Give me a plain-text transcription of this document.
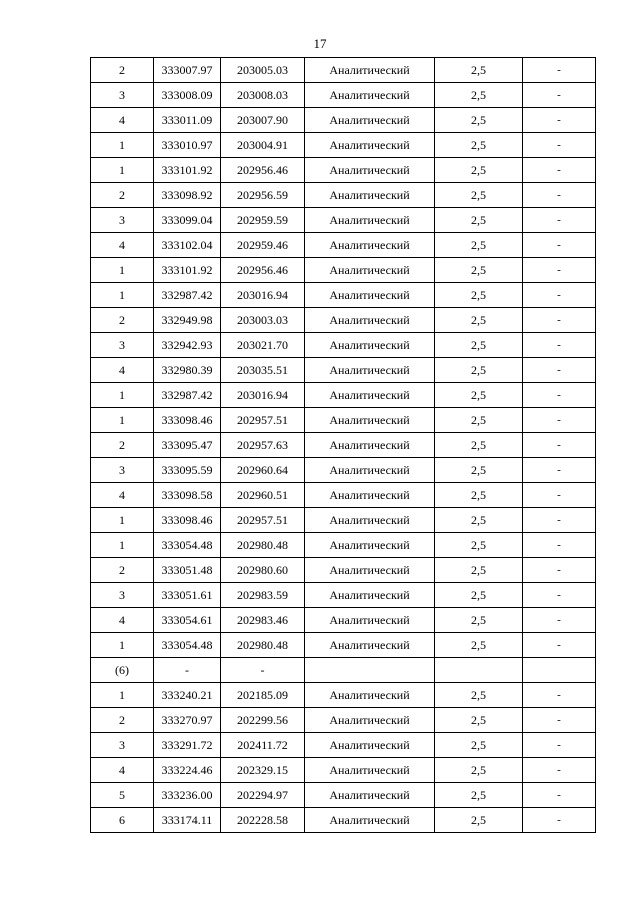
17
2	333007.97	203005.03	Аналитический	2,5	-
3	333008.09	203008.03	Аналитический	2,5	-
4	333011.09	203007.90	Аналитический	2,5	-
1	333010.97	203004.91	Аналитический	2,5	-
1	333101.92	202956.46	Аналитический	2,5	-
2	333098.92	202956.59	Аналитический	2,5	-
3	333099.04	202959.59	Аналитический	2,5	-
4	333102.04	202959.46	Аналитический	2,5	-
1	333101.92	202956.46	Аналитический	2,5	-
1	332987.42	203016.94	Аналитический	2,5	-
2	332949.98	203003.03	Аналитический	2,5	-
3	332942.93	203021.70	Аналитический	2,5	-
4	332980.39	203035.51	Аналитический	2,5	-
1	332987.42	203016.94	Аналитический	2,5	-
1	333098.46	202957.51	Аналитический	2,5	-
2	333095.47	202957.63	Аналитический	2,5	-
3	333095.59	202960.64	Аналитический	2,5	-
4	333098.58	202960.51	Аналитический	2,5	-
1	333098.46	202957.51	Аналитический	2,5	-
1	333054.48	202980.48	Аналитический	2,5	-
2	333051.48	202980.60	Аналитический	2,5	-
3	333051.61	202983.59	Аналитический	2,5	-
4	333054.61	202983.46	Аналитический	2,5	-
1	333054.48	202980.48	Аналитический	2,5	-
(6)	-	-			
1	333240.21	202185.09	Аналитический	2,5	-
2	333270.97	202299.56	Аналитический	2,5	-
3	333291.72	202411.72	Аналитический	2,5	-
4	333224.46	202329.15	Аналитический	2,5	-
5	333236.00	202294.97	Аналитический	2,5	-
6	333174.11	202228.58	Аналитический	2,5	-
